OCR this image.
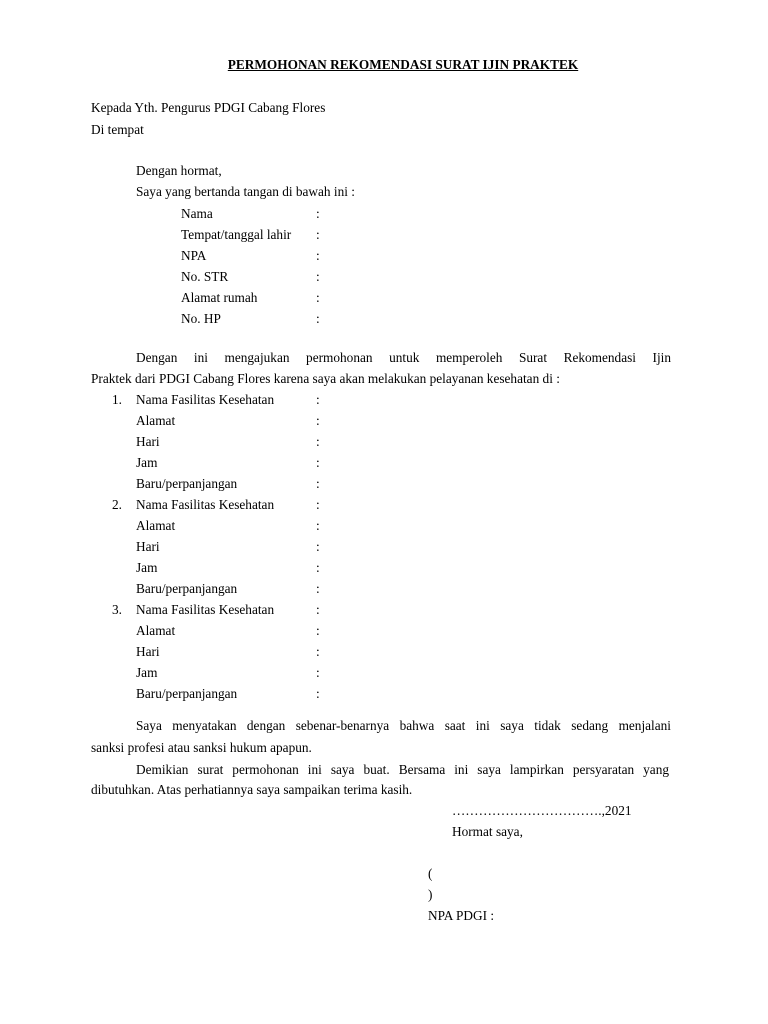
PERMOHONAN REKOMENDASI SURAT IJIN PRAKTEK
Kepada Yth. Pengurus PDGI Cabang Flores
Di tempat
Dengan hormat,
Saya yang bertanda tangan di bawah ini :
Nama	:
Tempat/tanggal lahir :
NPA	:
No. STR	:
Alamat rumah	:
No. HP	:
Dengan ini mengajukan permohonan untuk memperoleh Surat Rekomendasi Ijin
Praktek dari PDGI Cabang Flores karena saya akan melakukan pelayanan kesehatan di :
1. Nama Fasilitas Kesehatan	:
Alamat	:
Hari	:
Jam	:
Baru/perpanjangan	:
2. Nama Fasilitas Kesehatan	:
Alamat	:
Hari	:
Jam	:
Baru/perpanjangan	:
3. Nama Fasilitas Kesehatan	:
Alamat	:
Hari	:
Jam	:
Baru/perpanjangan	:
Saya menyatakan dengan sebenar-benarnya bahwa saat ini saya tidak sedang menjalani
sanksi profesi atau sanksi hukum apapun.
Demikian surat permohonan ini saya buat. Bersama ini saya lampirkan persyaratan yang
dibutuhkan. Atas perhatiannya saya sampaikan terima kasih.
…………………………….,2021
Hormat saya,
(
)
NPA PDGI :
